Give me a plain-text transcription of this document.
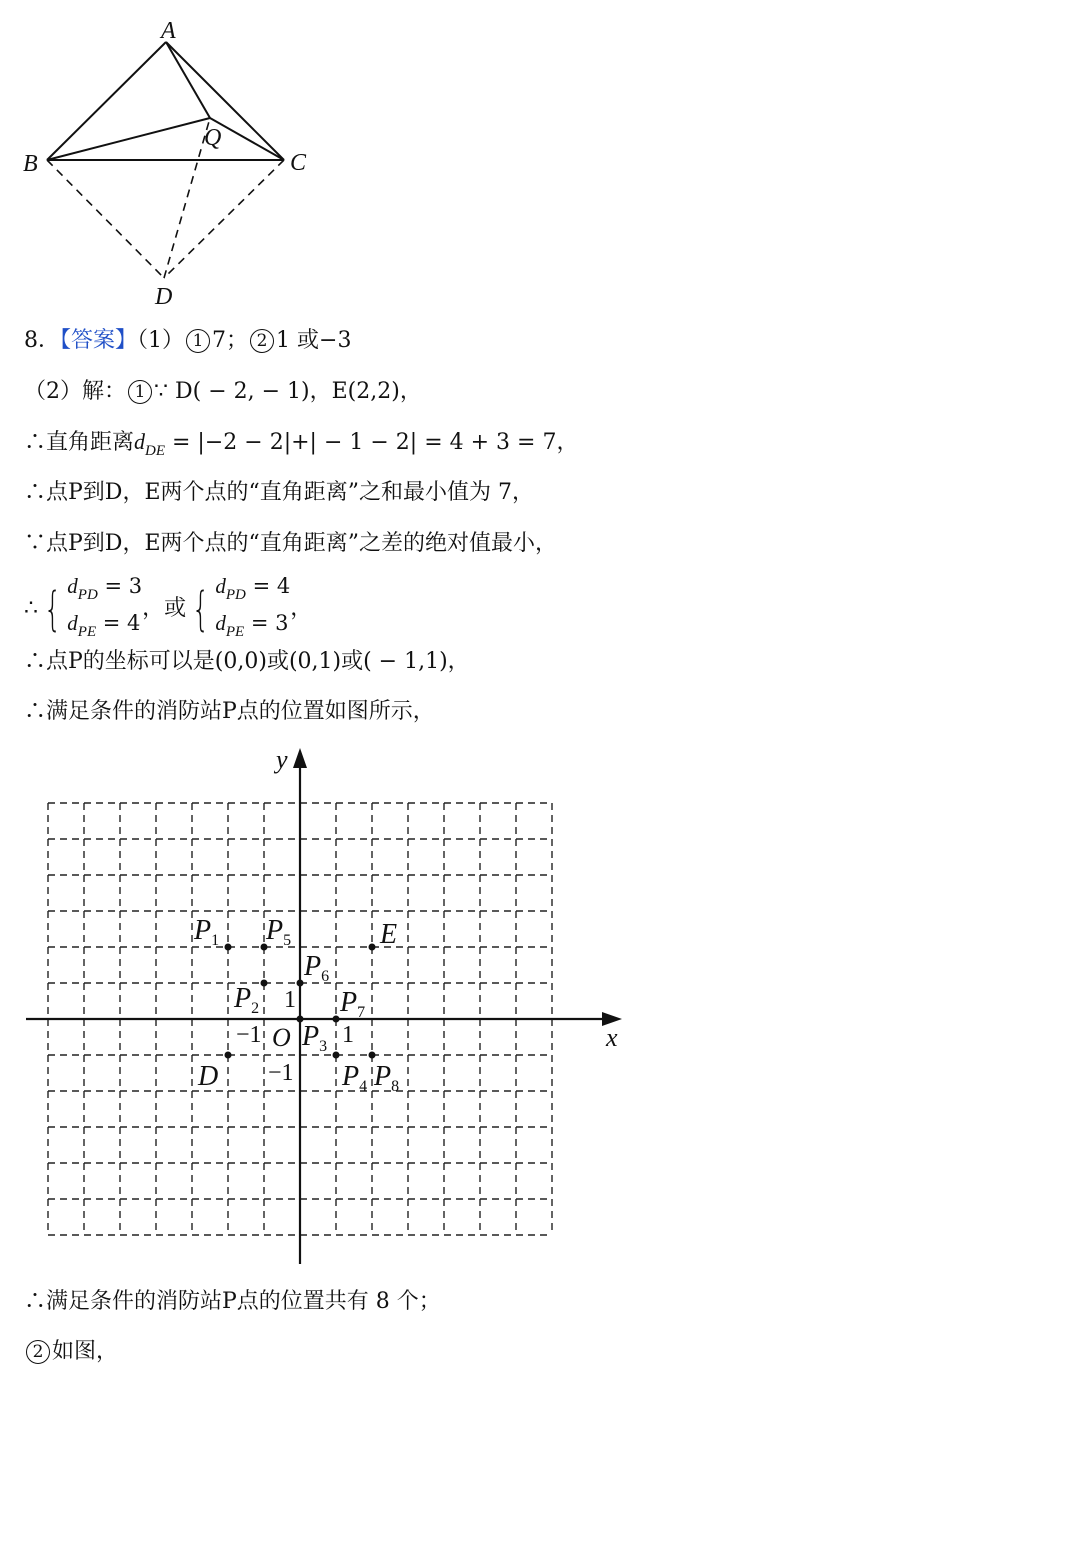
A
B	C
D
Q
8．【答案】（1） 1 7； 2 1 或−3
（2）解： 1 ∵ D( − 2, − 1)，E(2,2)，
∴直角距离$d_{DE} = |-2 - 2|+| - 1 - 2| = 4 + 3 = 7$，
∴点P到D，E两个点的“直角距离”之和最小值为 7，
∵点P到D，E两个点的“直角距离”之差的绝对值最小，
∴ { $d_{PD} = 3$
$d_{PE} = 4$
，或 { $d_{PD} = 4$
$d_{PE} = 3$
，
∴点P的坐标可以是(0,0)或(0,1)或( − 1,1)，
∴满足条件的消防站P点的位置如图所示，
x
y
O 1
−1
1
−1
D
E
$P_1$
$P_2$
$P_3$
$P_4$
$P_5$
$P_6$
$P_7$
$P_8$
∴满足条件的消防站P点的位置共有 8 个；
2 如图，
